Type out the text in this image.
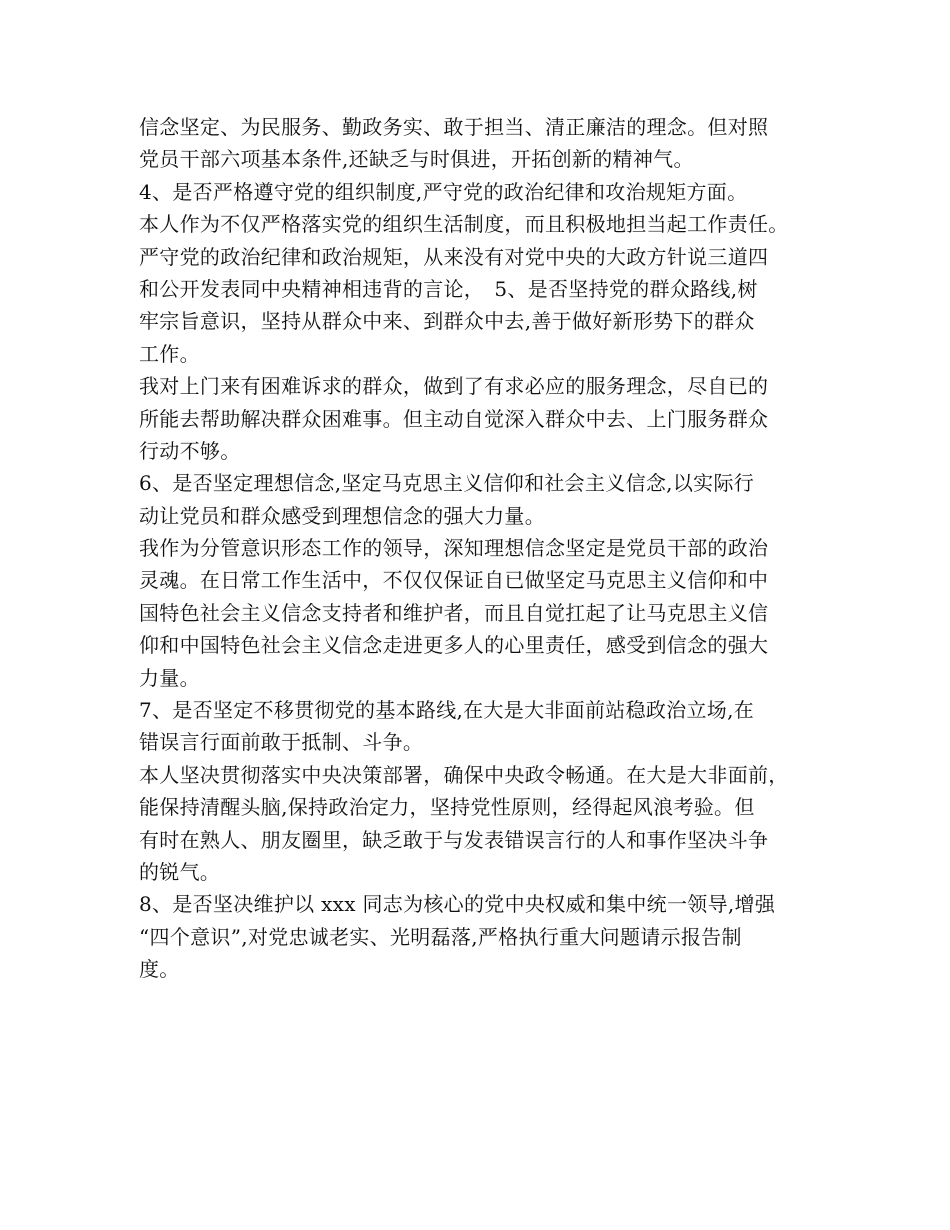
信念坚定、为民服务、勤政务实、敢于担当、清正廉洁的理念。但对照
党员干部六项基本条件,还缺乏与时俱进，开拓创新的精神气。
4、是否严格遵守党的组织制度,严守党的政治纪律和攻治规矩方面。
本人作为不仅严格落实党的组织生活制度，而且积极地担当起工作责任。
严守党的政治纪律和政治规矩，从来没有对党中央的大政方针说三道四
和公开发表同中央精神相违背的言论，　5、是否坚持党的群众路线,树
牢宗旨意识，坚持从群众中来、到群众中去,善于做好新形势下的群众
工作。
我对上门来有困难诉求的群众，做到了有求必应的服务理念，尽自已的
所能去帮助解决群众困难事。但主动自觉深入群众中去、上门服务群众
行动不够。
6、是否坚定理想信念,坚定马克思主义信仰和社会主义信念,以实际行
动让党员和群众感受到理想信念的强大力量。
我作为分管意识形态工作的领导，深知理想信念坚定是党员干部的政治
灵魂。在日常工作生活中，不仅仅保证自已做坚定马克思主义信仰和中
国特色社会主义信念支持者和维护者，而且自觉扛起了让马克思主义信
仰和中国特色社会主义信念走进更多人的心里责任，感受到信念的强大
力量。
7、是否坚定不移贯彻党的基本路线,在大是大非面前站稳政治立场,在
错误言行面前敢于抵制、斗争。
本人坚决贯彻落实中央决策部署，确保中央政令畅通。在大是大非面前，
能保持清醒头脑,保持政治定力，坚持党性原则，经得起风浪考验。但
有时在熟人、朋友圈里，缺乏敢于与发表错误言行的人和事作坚决斗争
的锐气。
8、是否坚决维护以 xxx 同志为核心的党中央权威和集中统一领导,增强
“四个意识”,对党忠诚老实、光明磊落,严格执行重大问题请示报告制
度。
